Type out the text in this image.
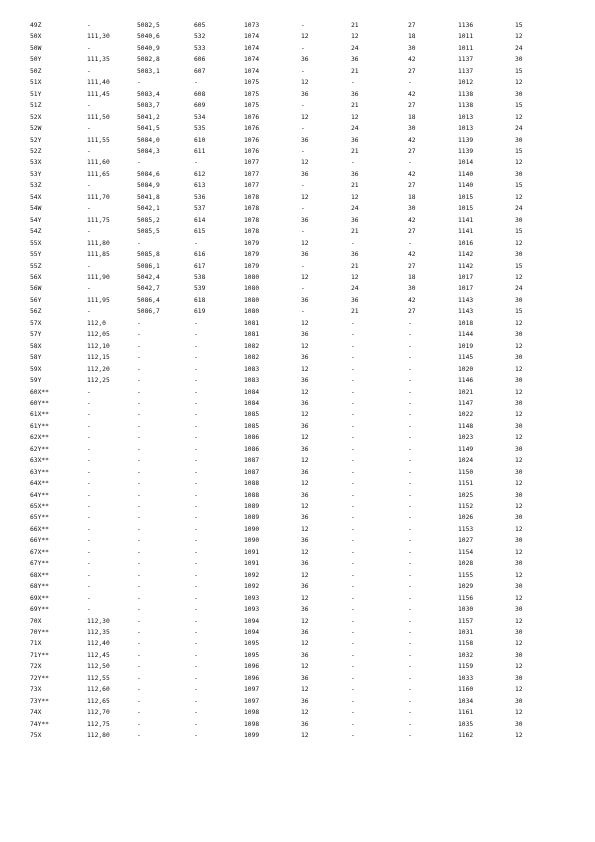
49Z	-	5082,5	605	1073	-	21	27	1136	15
50X	111,30	5040,6	532	1074	12	12	18	1011	12
50W	-	5040,9	533	1074	-	24	30	1011	24
50Y	111,35	5082,8	606	1074	36	36	42	1137	30
50Z	-	5083,1	607	1074	-	21	27	1137	15
51X	111,40	-	-	1075	12	-	-	1012	12
51Y	111,45	5083,4	608	1075	36	36	42	1138	30
51Z	-	5083,7	609	1075	-	21	27	1138	15
52X	111,50	5041,2	534	1076	12	12	18	1013	12
52W	-	5041,5	535	1076	-	24	30	1013	24
52Y	111,55	5084,0	610	1076	36	36	42	1139	30
52Z	-	5084,3	611	1076	-	21	27	1139	15
53X	111,60	-	-	1077	12	-	-	1014	12
53Y	111,65	5084,6	612	1077	36	36	42	1140	30
53Z	-	5084,9	613	1077	-	21	27	1140	15
54X	111,70	5041,8	536	1078	12	12	18	1015	12
54W	-	5042,1	537	1078	-	24	30	1015	24
54Y	111,75	5085,2	614	1078	36	36	42	1141	30
54Z	-	5085,5	615	1078	-	21	27	1141	15
55X	111,80	-	-	1079	12	-	-	1016	12
55Y	111,85	5085,8	616	1079	36	36	42	1142	30
55Z	-	5086,1	617	1079	-	21	27	1142	15
56X	111,90	5042,4	538	1080	12	12	18	1017	12
56W	-	5042,7	539	1080	-	24	30	1017	24
56Y	111,95	5086,4	618	1080	36	36	42	1143	30
56Z	-	5086,7	619	1080	-	21	27	1143	15
57X	112,0	-	-	1081	12	-	-	1018	12
57Y	112,05	-	-	1081	36	-	-	1144	30
58X	112,10	-	-	1082	12	-	-	1019	12
58Y	112,15	-	-	1082	36	-	-	1145	30
59X	112,20	-	-	1083	12	-	-	1020	12
59Y	112,25	-	-	1083	36	-	-	1146	30
60X**	-	-	-	1084	12	-	-	1021	12
60Y**	-	-	-	1084	36	-	-	1147	30
61X**	-	-	-	1085	12	-	-	1022	12
61Y**	-	-	-	1085	36	-	-	1148	30
62X**	-	-	-	1086	12	-	-	1023	12
62Y**	-	-	-	1086	36	-	-	1149	30
63X**	-	-	-	1087	12	-	-	1024	12
63Y**	-	-	-	1087	36	-	-	1150	30
64X**	-	-	-	1088	12	-	-	1151	12
64Y**	-	-	-	1088	36	-	-	1025	30
65X**	-	-	-	1089	12	-	-	1152	12
65Y**	-	-	-	1089	36	-	-	1026	30
66X**	-	-	-	1090	12	-	-	1153	12
66Y**	-	-	-	1090	36	-	-	1027	30
67X**	-	-	-	1091	12	-	-	1154	12
67Y**	-	-	-	1091	36	-	-	1028	30
68X**	-	-	-	1092	12	-	-	1155	12
68Y**	-	-	-	1092	36	-	-	1029	30
69X**	-	-	-	1093	12	-	-	1156	12
69Y**	-	-	-	1093	36	-	-	1030	30
70X	112,30	-	-	1094	12	-	-	1157	12
70Y**	112,35	-	-	1094	36	-	-	1031	30
71X	112,40	-	-	1095	12	-	-	1158	12
71Y**	112,45	-	-	1095	36	-	-	1032	30
72X	112,50	-	-	1096	12	-	-	1159	12
72Y**	112,55	-	-	1096	36	-	-	1033	30
73X	112,60	-	-	1097	12	-	-	1160	12
73Y**	112,65	-	-	1097	36	-	-	1034	30
74X	112,70	-	-	1098	12	-	-	1161	12
74Y**	112,75	-	-	1098	36	-	-	1035	30
75X	112,80	-	-	1099	12	-	-	1162	12
